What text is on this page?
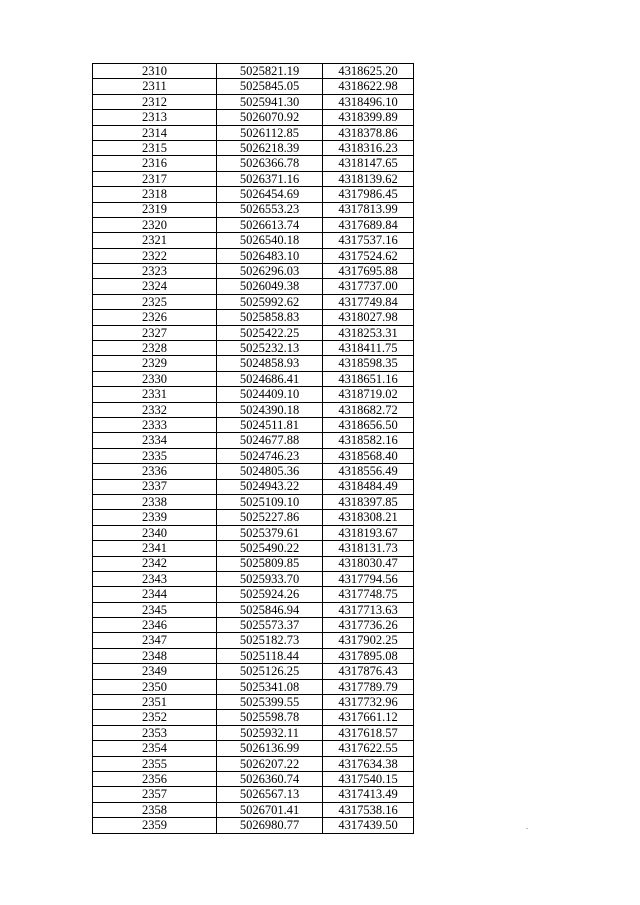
2310	5025821.19	4318625.20
2311	5025845.05	4318622.98
2312	5025941.30	4318496.10
2313	5026070.92	4318399.89
2314	5026112.85	4318378.86
2315	5026218.39	4318316.23
2316	5026366.78	4318147.65
2317	5026371.16	4318139.62
2318	5026454.69	4317986.45
2319	5026553.23	4317813.99
2320	5026613.74	4317689.84
2321	5026540.18	4317537.16
2322	5026483.10	4317524.62
2323	5026296.03	4317695.88
2324	5026049.38	4317737.00
2325	5025992.62	4317749.84
2326	5025858.83	4318027.98
2327	5025422.25	4318253.31
2328	5025232.13	4318411.75
2329	5024858.93	4318598.35
2330	5024686.41	4318651.16
2331	5024409.10	4318719.02
2332	5024390.18	4318682.72
2333	5024511.81	4318656.50
2334	5024677.88	4318582.16
2335	5024746.23	4318568.40
2336	5024805.36	4318556.49
2337	5024943.22	4318484.49
2338	5025109.10	4318397.85
2339	5025227.86	4318308.21
2340	5025379.61	4318193.67
2341	5025490.22	4318131.73
2342	5025809.85	4318030.47
2343	5025933.70	4317794.56
2344	5025924.26	4317748.75
2345	5025846.94	4317713.63
2346	5025573.37	4317736.26
2347	5025182.73	4317902.25
2348	5025118.44	4317895.08
2349	5025126.25	4317876.43
2350	5025341.08	4317789.79
2351	5025399.55	4317732.96
2352	5025598.78	4317661.12
2353	5025932.11	4317618.57
2354	5026136.99	4317622.55
2355	5026207.22	4317634.38
2356	5026360.74	4317540.15
2357	5026567.13	4317413.49
2358	5026701.41	4317538.16
2359	5026980.77	4317439.50
